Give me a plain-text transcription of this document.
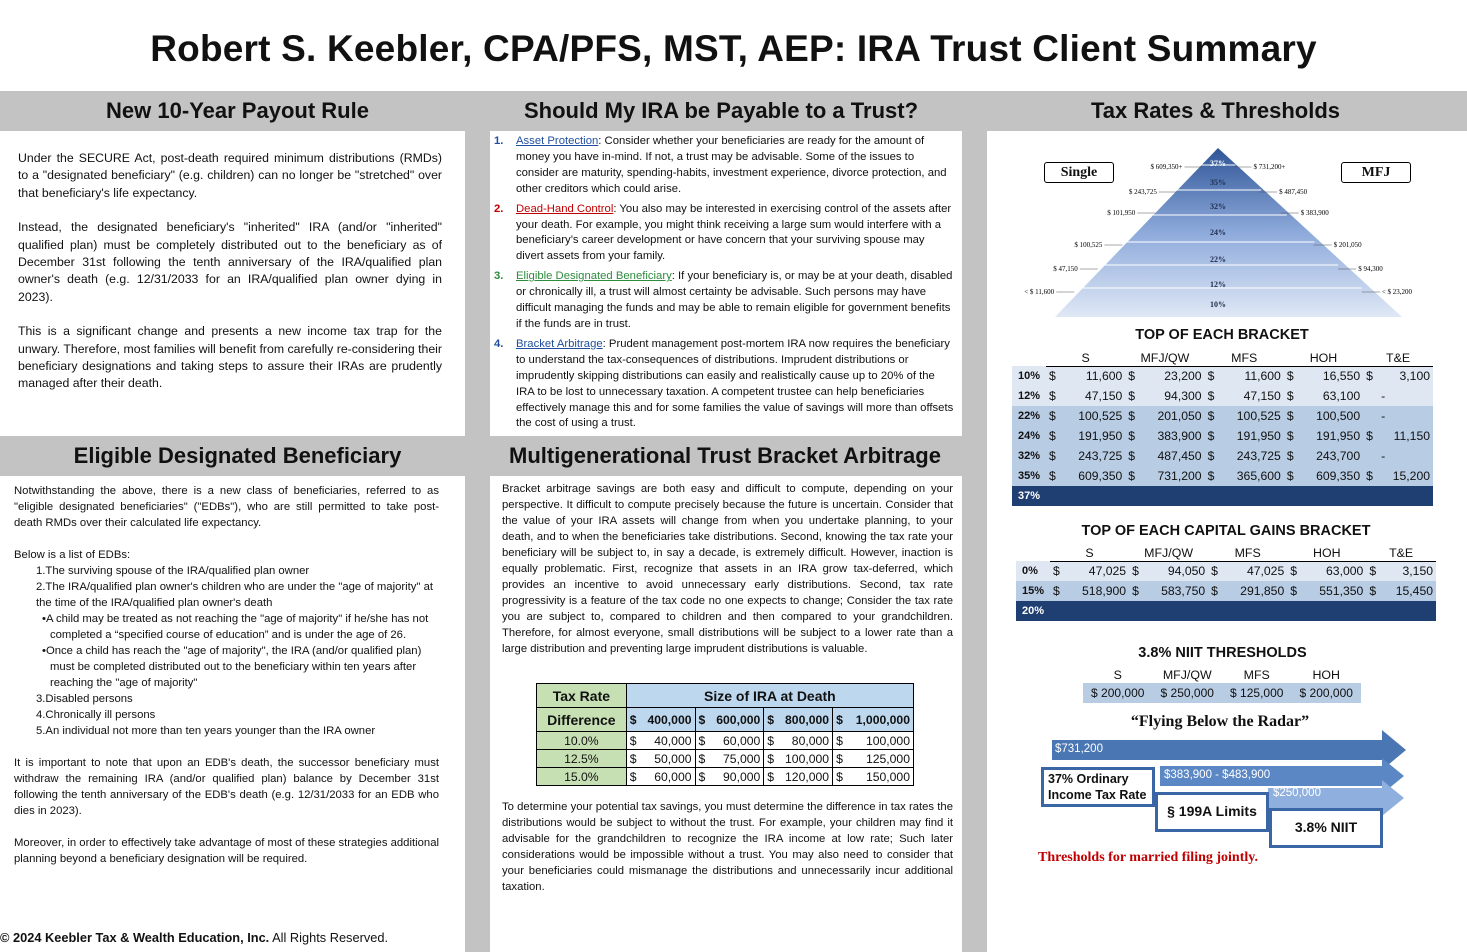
Robert S. Keebler, CPA/PFS, MST, AEP: IRA Trust Client Summary
New 10-Year Payout Rule	Should My IRA be Payable to a Trust?	Tax Rates & Thresholds
Eligible Designated Beneficiary	Multigenerational Trust Bracket Arbitrage

Under the SECURE Act, post-death required minimum distributions (RMDs) to a "designated beneficiary" (e.g. children) can no longer be "stretched" over that beneficiary's life expectancy.

Instead, the designated beneficiary's "inherited" IRA (and/or "inherited" qualified plan) must be completely distributed out to the beneficiary as of December 31st following the tenth anniversary of the IRA/qualified plan owner's death (e.g. 12/31/2033 for an IRA/qualified plan owner dying in 2023).

This is a significant change and presents a new income tax trap for the unwary. Therefore, most families will benefit from carefully re-considering their beneficiary designations and taking steps to assure their IRAs are prudently managed after their death.

Notwithstanding the above, there is a new class of beneficiaries, referred to as "eligible designated beneficiaries" ("EDBs"), who are still permitted to take post-death RMDs over their calculated life expectancy.

Below is a list of EDBs:

1.The surviving spouse of the IRA/qualified plan owner

2.The IRA/qualified plan owner's children who are under the "age of majority" at the time of the IRA/qualified plan owner's death

•A child may be treated as not reaching the "age of majority" if he/she has not completed a “specified course of education” and is under the age of 26.

•Once a child has reach the "age of majority", the IRA (and/or qualified plan) must be completed distributed out to the beneficiary within ten years after reaching the "age of majority"

3.Disabled persons

4.Chronically ill persons

5.An individual not more than ten years younger than the IRA owner

It is important to note that upon an EDB's death, the successor beneficiary must withdraw the remaining IRA (and/or qualified plan) balance by December 31st following the tenth anniversary of the EDB's death (e.g. 12/31/2033 for an EDB who dies in 2023).

Moreover, in order to effectively take advantage of most of these strategies additional planning beyond a beneficiary designation will be required.

1. Asset Protection: Consider whether your beneficiaries are ready for the amount of money you have in-mind. If not, a trust may be advisable. Some of the issues to consider are maturity, spending-habits, investment experience, divorce protection, and other creditors which could arise.
2. Dead-Hand Control: You also may be interested in exercising control of the assets after your death. For example, you might think receiving a large sum would interfere with a beneficiary’s career development or have concern that your surviving spouse may divert assets from your family.
3. Eligible Designated Beneficiary: If your beneficiary is, or may be at your death, disabled or chronically ill, a trust will almost certainty be advisable. Such persons may have difficult managing the funds and may be able to remain eligible for government benefits if the funds are in trust.
4. Bracket Arbitrage: Prudent management post-mortem IRA now requires the beneficiary to understand the tax-consequences of distributions. Imprudent distributions or imprudently skipping distributions can easily and realistically cause up to 20% of the IRA to be lost to unnecessary taxation. A competent trustee can help beneficiaries effectively manage this and for some families the value of savings will more than offsets the cost of using a trust.
Bracket arbitrage savings are both easy and difficult to compute, depending on your perspective. It difficult to compute precisely because the future is uncertain. Consider that the value of your IRA assets will change from when you undertake planning, to your death, and to when the beneficiaries take distributions. Second, knowing the tax rate your beneficiary will be subject to, in say a decade, is extremely difficult. However, inaction is equally problematic. First, recognize that assets in an IRA grow tax-deferred, which provides an incentive to avoid unnecessary early distributions. Second, tax rate progressivity is a feature of the tax code no one expects to change; Consider the tax rate you are subject to, compared to children and then compared to your grandchildren. Therefore, for almost everyone, small distributions will be subject to a lower rate than a large distribution and preventing large imprudent distributions is valuable.
Tax Rate	Size of IRA at Death			
Difference	$ 400,000	$ 600,000	$ 800,000	$ 1,000,000

10.0%	$ 40,000	$ 60,000	$ 80,000	$ 100,000

12.5%	$ 50,000	$ 75,000	$ 100,000	$ 125,000

15.0%	$ 60,000	$ 90,000	$ 120,000	$ 150,000
To determine your potential tax savings, you must determine the difference in tax rates the distributions would be subject to without the trust. For example, your children may find it advisable for the grandchildren to recognize the IRA income at low rate; Such later considerations would be impossible without a trust. You may also need to consider that your beneficiaries could mismanage the distributions and unnecessarily incur additional taxation.
Single	MFJ
37%
35%
32%
24%
22%
12%
10%
$ 609,350+
$ 243,725
$ 101,950
$ 100,525
$ 47,150
< $ 11,600
$ 731,200+
$ 487,450
$ 383,900
$ 201,050
$ 94,300
< $ 23,200
TOP OF EACH BRACKET
	S	MFJ/QW	MFS	HOH	T&E
10%	$ 11,600	$ 23,200	$ 11,600	$ 16,550	$ 3,100

12%	$ 47,150	$ 94,300	$ 47,150	$ 63,100	-
22%	$ 100,525	$ 201,050	$ 100,525	$ 100,500	-
24%	$ 191,950	$ 383,900	$ 191,950	$ 191,950	$ 11,150

32%	$ 243,725	$ 487,450	$ 243,725	$ 243,700	-
35%	$ 609,350	$ 731,200	$ 365,600	$ 609,350	$ 15,200

37%					
TOP OF EACH CAPITAL GAINS BRACKET
	S	MFJ/QW	MFS	HOH	T&E
0%	$ 47,025	$ 94,050	$ 47,025	$ 63,000	$ 3,150

15%	$ 518,900	$ 583,750	$ 291,850	$ 551,350	$ 15,450

20%					
3.8% NIIT THRESHOLDS
S	MFJ/QW	MFS	HOH
$ 200,000	$ 250,000	$ 125,000	$ 200,000
“Flying Below the Radar”
$731,200
$383,900 - $483,900
$250,000
37% Ordinary Income Tax Rate
§ 199A Limits
3.8% NIIT
Thresholds for married filing jointly.
© 2024 Keebler Tax & Wealth Education, Inc. All Rights Reserved.
